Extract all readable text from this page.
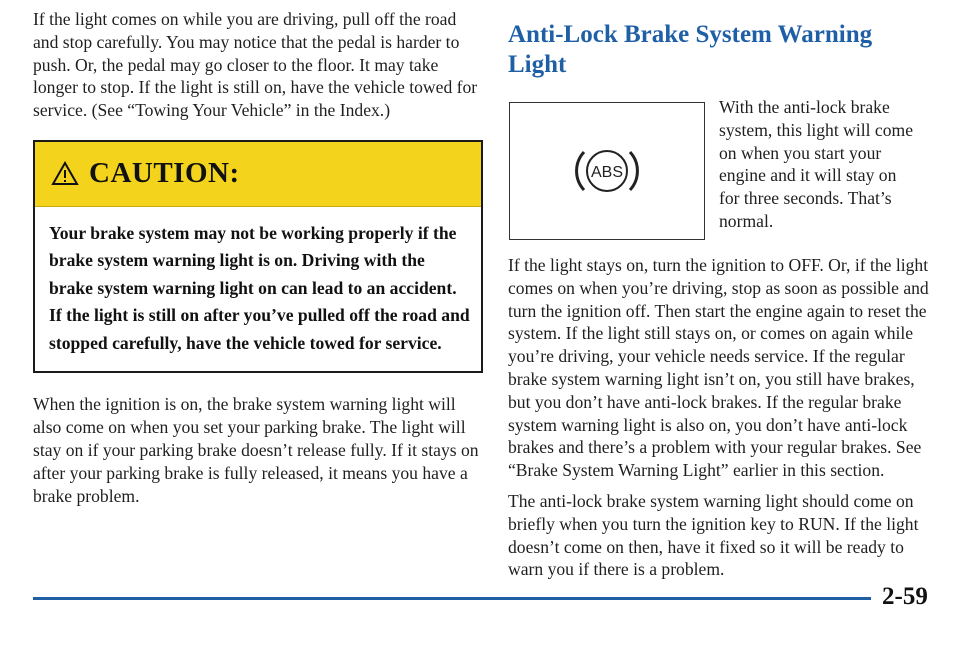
If the light comes on while you are driving, pull off the road and stop carefully. You may notice that the pedal is harder to push. Or, the pedal may go closer to the floor. It may take longer to stop. If the light is still on, have the vehicle towed for service. (See “Towing Your Vehicle” in the Index.)

CAUTION:
Your brake system may not be working properly if the brake system warning light is on. Driving with the brake system warning light on can lead to an accident. If the light is still on after you’ve pulled off the road and stopped carefully, have the vehicle towed for service.

When the ignition is on, the brake system warning light will also come on when you set your parking brake. The light will stay on if your parking brake doesn’t release fully. If it stays on after your parking brake is fully released, it means you have a brake problem.

Anti-Lock Brake System Warning Light
ABS

With the anti-lock brake system, this light will come on when you start your engine and it will stay on for three seconds. That’s normal.

If the light stays on, turn the ignition to OFF. Or, if the light comes on when you’re driving, stop as soon as possible and turn the ignition off. Then start the engine again to reset the system. If the light still stays on, or comes on again while you’re driving, your vehicle needs service. If the regular brake system warning light isn’t on, you still have brakes, but you don’t have anti-lock brakes. If the regular brake system warning light is also on, you don’t have anti-lock brakes and there’s a problem with your regular brakes. See “Brake System Warning Light” earlier in this section.

The anti-lock brake system warning light should come on briefly when you turn the ignition key to RUN. If the light doesn’t come on then, have it fixed so it will be ready to warn you if there is a problem.

2-59
